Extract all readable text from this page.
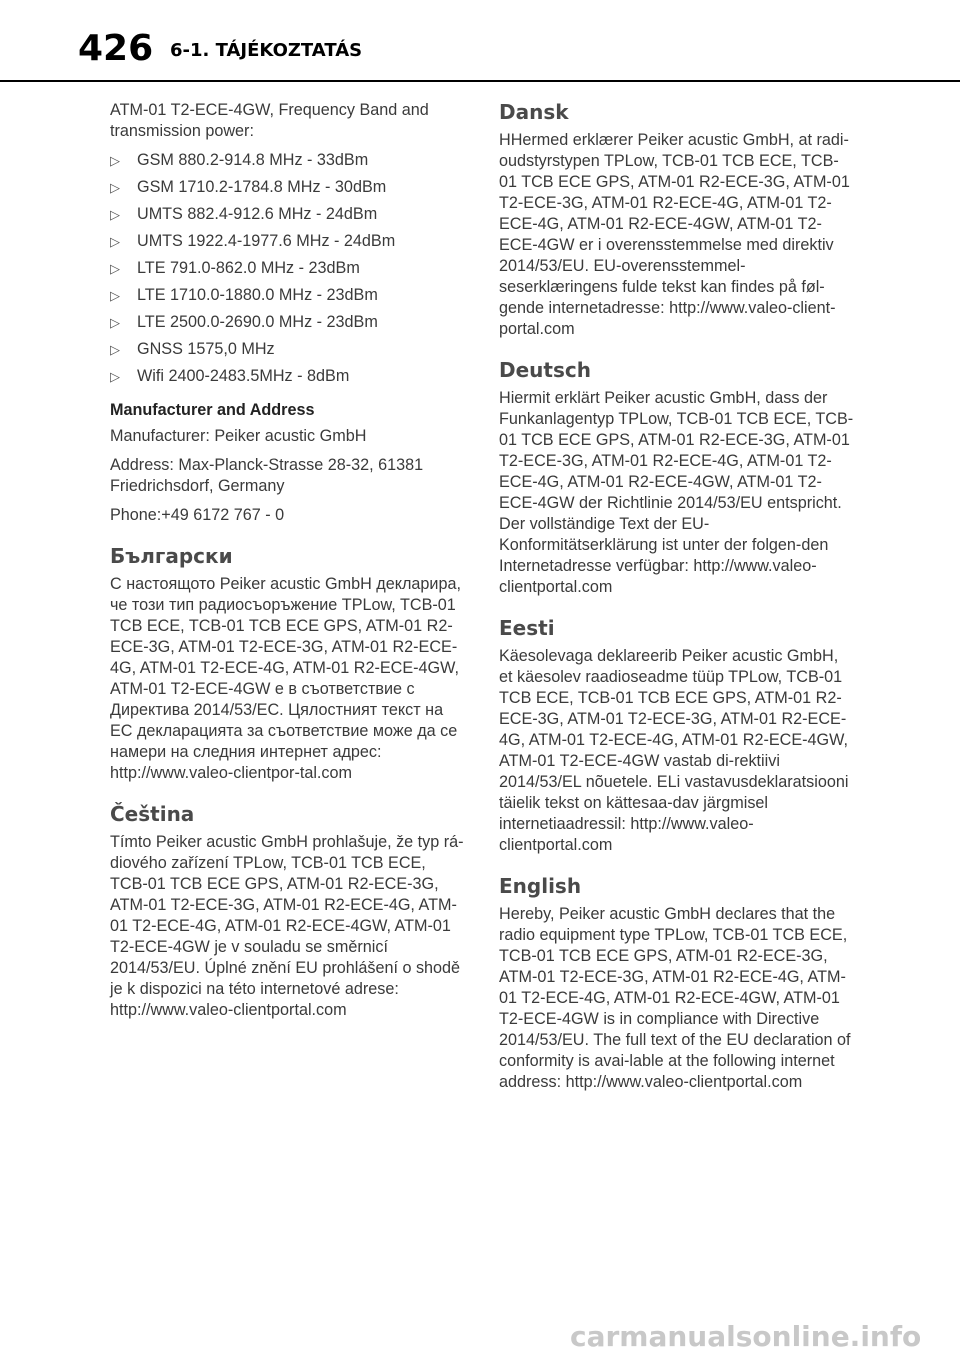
426 6-1. TÁJÉKOZTATÁS

ATM-01 T2-ECE-4GW, Frequency Band and transmission power:

▷ GSM 880.2-914.8 MHz - 33dBm
▷ GSM 1710.2-1784.8 MHz - 30dBm
▷ UMTS 882.4-912.6 MHz - 24dBm
▷ UMTS 1922.4-1977.6 MHz - 24dBm
▷ LTE 791.0-862.0 MHz - 23dBm
▷ LTE 1710.0-1880.0 MHz - 23dBm
▷ LTE 2500.0-2690.0 MHz - 23dBm
▷ GNSS 1575,0 MHz
▷ Wifi 2400-2483.5MHz - 8dBm
Manufacturer and Address

Manufacturer: Peiker acustic GmbH

Address: Max-Planck-Strasse 28-32, 61381 Friedrichsdorf, Germany

Phone:+49 6172 767 - 0

Български

С настоящото Peiker acustic GmbH декларира, че този тип радиосъоръжение TPLow, TCB-01 TCB ECE, TCB-01 TCB ECE GPS, ATM-01 R2-ECE-3G, ATM-01 T2-ECE-3G, ATM-01 R2-ECE-4G, ATM-01 T2-ECE-4G, ATM-01 R2-ECE-4GW, ATM-01 T2-ECE-4GW е в съответствие с Директива 2014/53/ЕС. Цялостният текст на ЕС декларацията за съответствие може да се намери на следния интернет адрес: http://www.valeo-clientpor-tal.com

Čeština

Tímto Peiker acustic GmbH prohlašuje, že typ rá-diového zařízení TPLow, TCB-01 TCB ECE, TCB-01 TCB ECE GPS, ATM-01 R2-ECE-3G, ATM-01 T2-ECE-3G, ATM-01 R2-ECE-4G, ATM-01 T2-ECE-4G, ATM-01 R2-ECE-4GW, ATM-01 T2-ECE-4GW je v souladu se směrnicí 2014/53/EU. Úplné znění EU prohlášení o shodě je k dispozici na této internetové adrese: http://www.valeo-clientportal.com

Dansk

HHermed erklærer Peiker acustic GmbH, at radi-oudstyrstypen TPLow, TCB-01 TCB ECE, TCB-01 TCB ECE GPS, ATM-01 R2-ECE-3G, ATM-01 T2-ECE-3G, ATM-01 R2-ECE-4G, ATM-01 T2-ECE-4G, ATM-01 R2-ECE-4GW, ATM-01 T2-ECE-4GW er i overensstemmelse med direktiv 2014/53/EU. EU-overensstemmel-seserklæringens fulde tekst kan findes på føl-gende internetadresse: http://www.valeo-client-portal.com

Deutsch

Hiermit erklärt Peiker acustic GmbH, dass der Funkanlagentyp TPLow, TCB-01 TCB ECE, TCB-01 TCB ECE GPS, ATM-01 R2-ECE-3G, ATM-01 T2-ECE-3G, ATM-01 R2-ECE-4G, ATM-01 T2-ECE-4G, ATM-01 R2-ECE-4GW, ATM-01 T2-ECE-4GW der Richtlinie 2014/53/EU entspricht. Der vollständige Text der EU-Konformitätserklärung ist unter der folgen-den Internetadresse verfügbar: http://www.valeo-clientportal.com

Eesti

Käesolevaga deklareerib Peiker acustic GmbH, et käesolev raadioseadme tüüp TPLow, TCB-01 TCB ECE, TCB-01 TCB ECE GPS, ATM-01 R2-ECE-3G, ATM-01 T2-ECE-3G, ATM-01 R2-ECE-4G, ATM-01 T2-ECE-4G, ATM-01 R2-ECE-4GW, ATM-01 T2-ECE-4GW vastab di-rektiivi 2014/53/EL nõuetele. ELi vastavusdeklaratsiooni täielik tekst on kättesaa-dav järgmisel internetiaadressil: http://www.valeo-clientportal.com

English

Hereby, Peiker acustic GmbH declares that the radio equipment type TPLow, TCB-01 TCB ECE, TCB-01 TCB ECE GPS, ATM-01 R2-ECE-3G, ATM-01 T2-ECE-3G, ATM-01 R2-ECE-4G, ATM-01 T2-ECE-4G, ATM-01 R2-ECE-4GW, ATM-01 T2-ECE-4GW is in compliance with Directive 2014/53/EU. The full text of the EU declaration of conformity is avai-lable at the following internet address: http://www.valeo-clientportal.com

carmanualsonline.info
